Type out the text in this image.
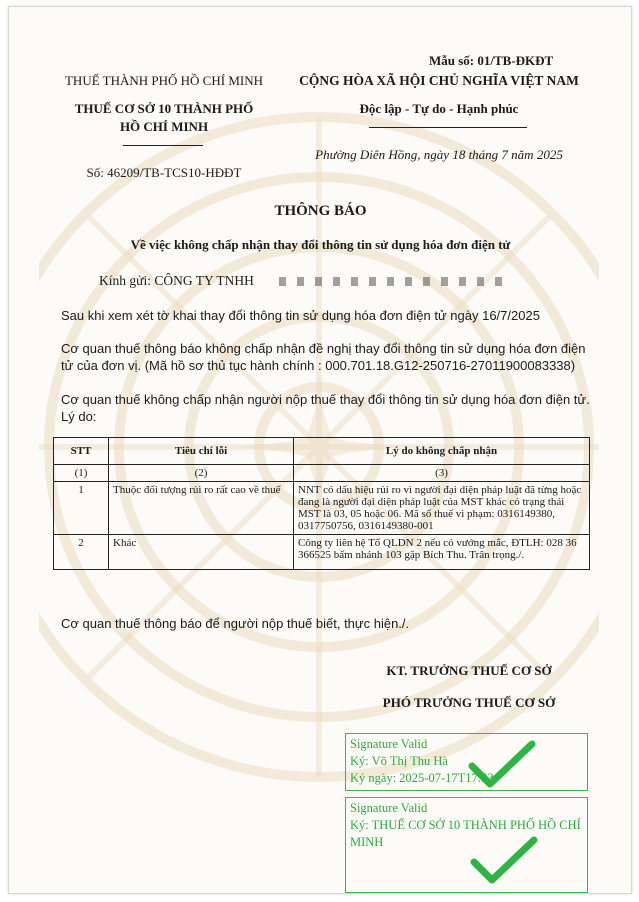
Mẫu số: 01/TB-ĐKĐT
THUẾ THÀNH PHỐ HỒ CHÍ MINH
THUẾ CƠ SỞ 10 THÀNH PHỐ
HỒ CHÍ MINH
Số: 46209/TB-TCS10-HĐĐT
CỘNG HÒA XÃ HỘI CHỦ NGHĨA VIỆT NAM
Độc lập - Tự do - Hạnh phúc
Phường Diên Hồng, ngày 18 tháng 7 năm 2025
THÔNG BÁO
Về việc không chấp nhận thay đổi thông tin sử dụng hóa đơn điện tử
Kính gửi: CÔNG TY TNHH
Sau khi xem xét tờ khai thay đổi thông tin sử dụng hóa đơn điện tử ngày 16/7/2025
Cơ quan thuế thông báo không chấp nhận đề nghị thay đổi thông tin sử dụng hóa đơn điện tử của đơn vị. (Mã hồ sơ thủ tục hành chính : 000.701.18.G12-250716-27011900083338)
Cơ quan thuế không chấp nhận người nộp thuế thay đổi thông tin sử dụng hóa đơn điện tử. Lý do:
STT	Tiêu chí lỗi	Lý do không chấp nhận
(1)	(2)	(3)
1	Thuộc đối tượng rủi ro rất cao về thuế	NNT có dấu hiệu rủi ro vì người đại diện pháp luật đã từng hoặc đang là người đại diện pháp luật của MST khác có trạng thái MST là 03, 05 hoặc 06. Mã số thuế vi phạm: 0316149380, 0317750756, 0316149380-001
2	Khác	Công ty liên hệ Tổ QLDN 2 nếu có vướng mắc, ĐTLH: 028 36 366525 bấm nhánh 103 gặp Bích Thu. Trân trọng./.
Cơ quan thuế thông báo để người nộp thuế biết, thực hiện./.
KT. TRƯỞNG THUẾ CƠ SỞ
PHÓ TRƯỞNG THUẾ CƠ SỞ
Signature Valid
Ký: Võ Thị Thu Hà
Ký ngày: 2025-07-17T17:53
Signature Valid
Ký: THUẾ CƠ SỞ 10 THÀNH PHỐ HỒ CHÍ MINH
